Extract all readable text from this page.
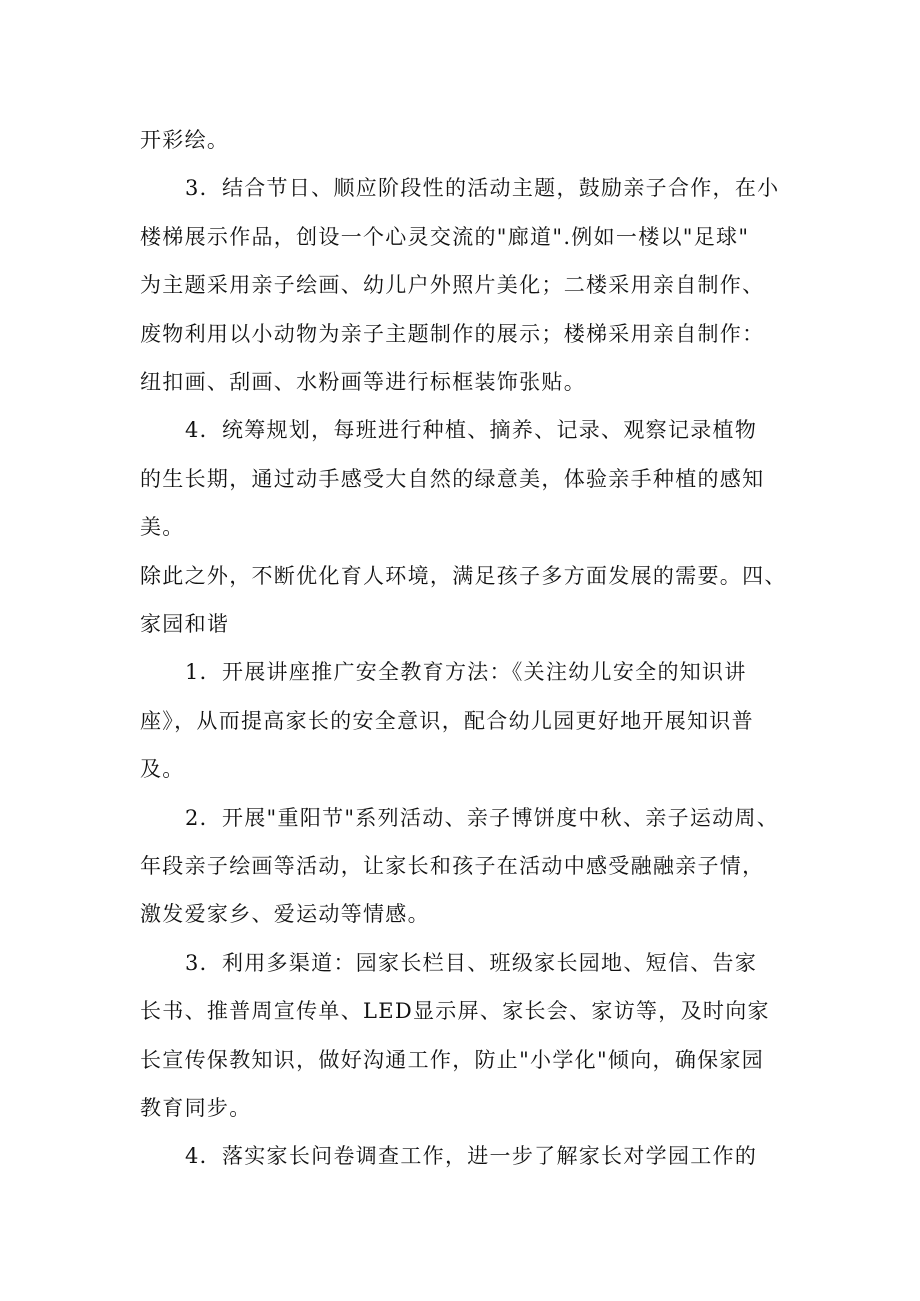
开彩绘。
3．结合节日、顺应阶段性的活动主题，鼓励亲子合作，在小
楼梯展示作品，创设一个心灵交流的"廊道".例如一楼以"足球"
为主题采用亲子绘画、幼儿户外照片美化；二楼采用亲自制作、
废物利用以小动物为亲子主题制作的展示；楼梯采用亲自制作：
纽扣画、刮画、水粉画等进行标框装饰张贴。
4．统筹规划，每班进行种植、摘养、记录、观察记录植物
的生长期，通过动手感受大自然的绿意美，体验亲手种植的感知
美。
除此之外，不断优化育人环境，满足孩子多方面发展的需要。四、
家园和谐
1．开展讲座推广安全教育方法：《关注幼儿安全的知识讲
座》，从而提高家长的安全意识，配合幼儿园更好地开展知识普
及。
2．开展"重阳节"系列活动、亲子博饼度中秋、亲子运动周、
年段亲子绘画等活动，让家长和孩子在活动中感受融融亲子情，
激发爱家乡、爱运动等情感。
3．利用多渠道：园家长栏目、班级家长园地、短信、告家
长书、推普周宣传单、LED显示屏、家长会、家访等，及时向家
长宣传保教知识，做好沟通工作，防止"小学化"倾向，确保家园
教育同步。
4．落实家长问卷调查工作，进一步了解家长对学园工作的
